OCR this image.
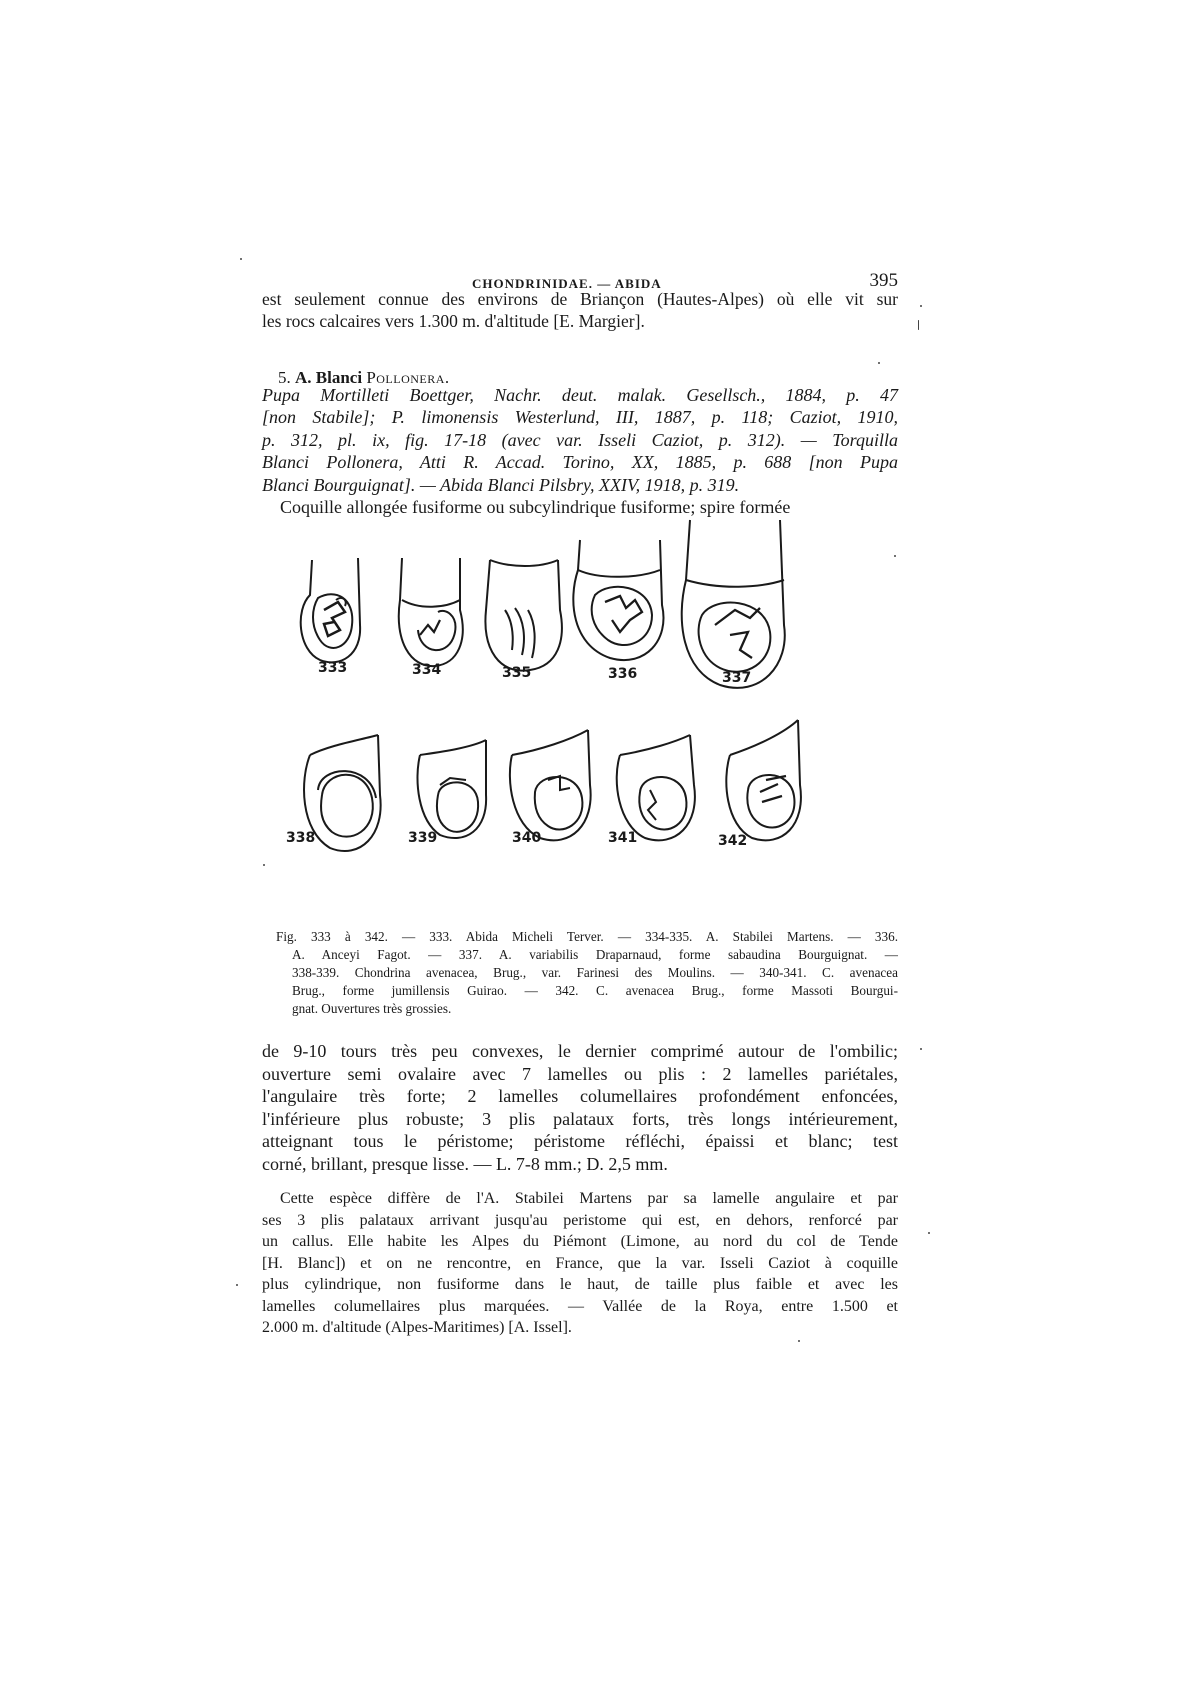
CHONDRINIDAE. — ABIDA	395
est seulement connue des environs de Briançon (Hautes-Alpes) où elle vit sur
les rocs calcaires vers 1.300 m. d'altitude [E. Margier].
5. A. Blanci Pollonera.
Pupa Mortilleti Boettger, Nachr. deut. malak. Gesellsch., 1884, p. 47
[non Stabile]; P. limonensis Westerlund, III, 1887, p. 118; Caziot, 1910,
p. 312, pl. ix, fig. 17-18 (avec var. Isseli Caziot, p. 312). — Torquilla
Blanci Pollonera, Atti R. Accad. Torino, XX, 1885, p. 688 [non Pupa
Blanci Bourguignat]. — Abida Blanci Pilsbry, XXIV, 1918, p. 319.
Coquille allongée fusiforme ou subcylindrique fusiforme; spire formée
333	334	335	336	337
338	339	340	341	342
Fig. 333 à 342. — 333. Abida Micheli Terver. — 334-335. A. Stabilei Martens. — 336.
A. Anceyi Fagot. — 337. A. variabilis Draparnaud, forme sabaudina Bourguignat. —
338-339. Chondrina avenacea, Brug., var. Farinesi des Moulins. — 340-341. C. avenacea
Brug., forme jumillensis Guirao. — 342. C. avenacea Brug., forme Massoti Bourgui-
gnat. Ouvertures très grossies.
de 9-10 tours très peu convexes, le dernier comprimé autour de l'ombilic;
ouverture semi ovalaire avec 7 lamelles ou plis : 2 lamelles pariétales,
l'angulaire très forte; 2 lamelles columellaires profondément enfoncées,
l'inférieure plus robuste; 3 plis palataux forts, très longs intérieurement,
atteignant tous le péristome; péristome réfléchi, épaissi et blanc; test
corné, brillant, presque lisse. — L. 7-8 mm.; D. 2,5 mm.
Cette espèce diffère de l'A. Stabilei Martens par sa lamelle angulaire et par
ses 3 plis palataux arrivant jusqu'au peristome qui est, en dehors, renforcé par
un callus. Elle habite les Alpes du Piémont (Limone, au nord du col de Tende
[H. Blanc]) et on ne rencontre, en France, que la var. Isseli Caziot à coquille
plus cylindrique, non fusiforme dans le haut, de taille plus faible et avec les
lamelles columellaires plus marquées. — Vallée de la Roya, entre 1.500 et
2.000 m. d'altitude (Alpes-Maritimes) [A. Issel].
